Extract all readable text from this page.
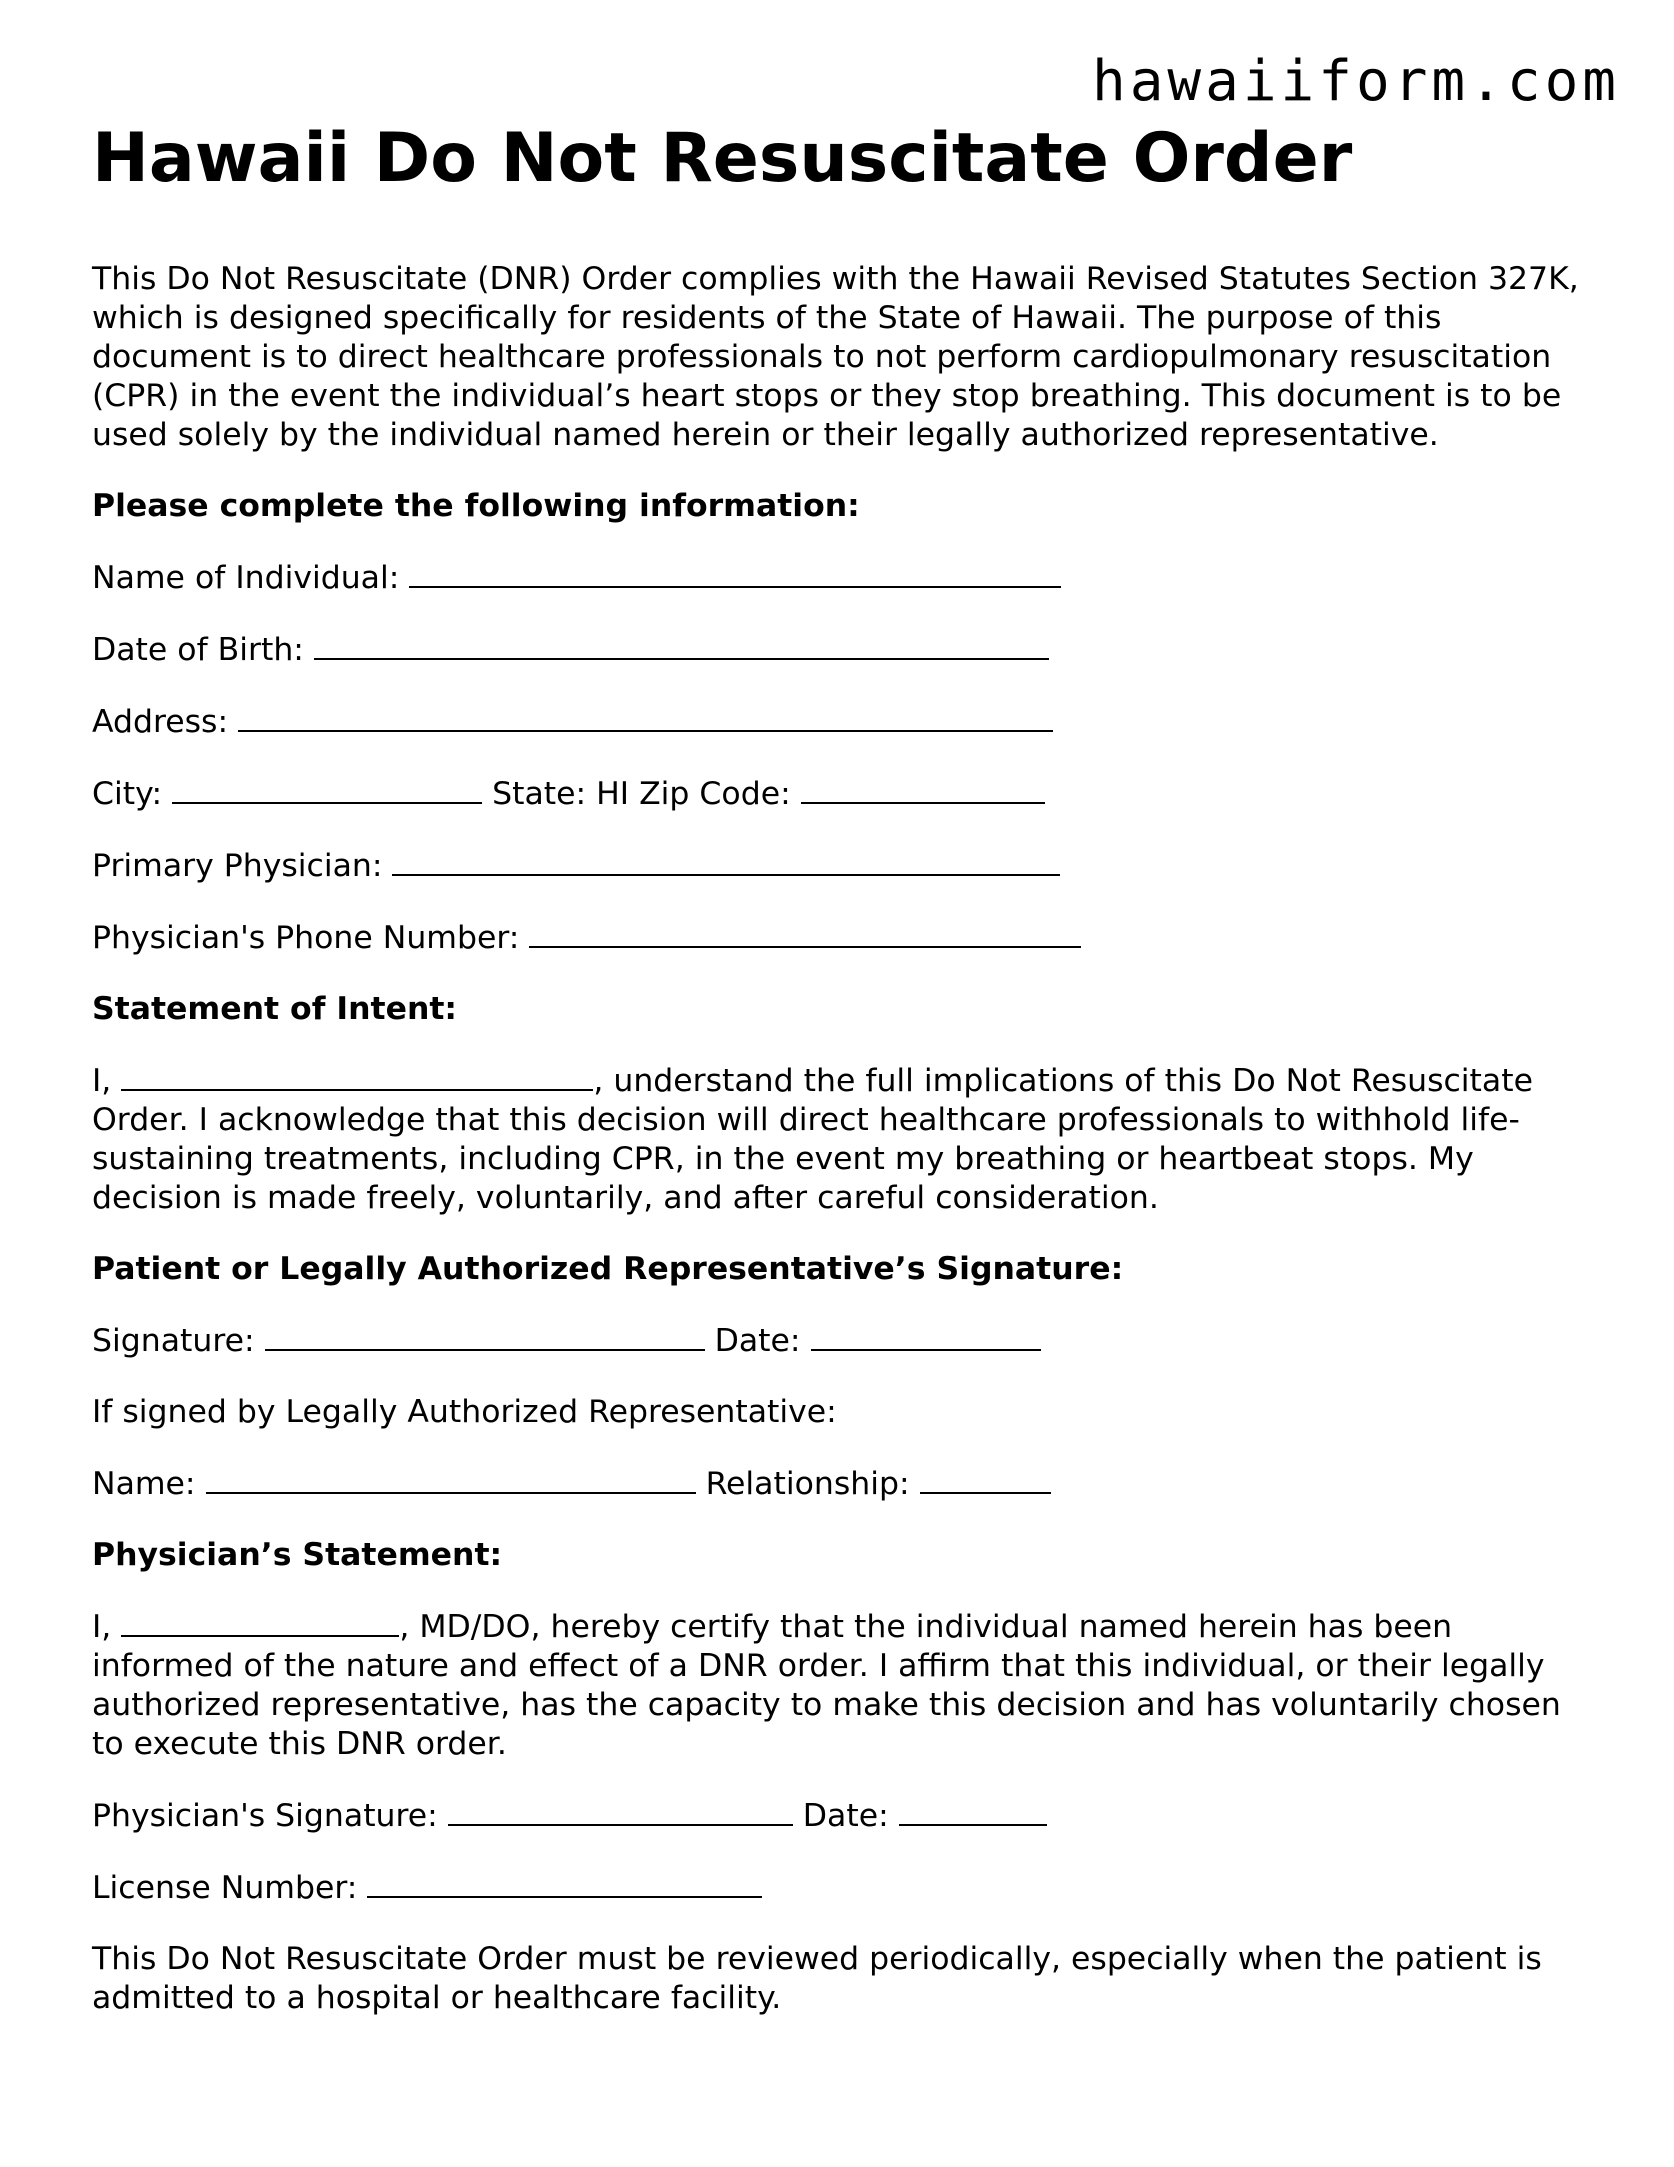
hawaiiform.com
Hawaii Do Not Resuscitate Order

This Do Not Resuscitate (DNR) Order complies with the Hawaii Revised Statutes Section 327K, which is designed specifically for residents of the State of Hawaii. The purpose of this document is to direct healthcare professionals to not perform cardiopulmonary resuscitation (CPR) in the event the individual’s heart stops or they stop breathing. This document is to be used solely by the individual named herein or their legally authorized representative.

Please complete the following information:

Name of Individual:

Date of Birth:

Address:

City:	State: HI Zip Code:

Primary Physician:

Physician's Phone Number:

Statement of Intent:

I,	, understand the full implications of this Do Not Resuscitate Order. I acknowledge that this decision will direct healthcare professionals to withhold life-sustaining treatments, including CPR, in the event my breathing or heartbeat stops. My decision is made freely, voluntarily, and after careful consideration.

Patient or Legally Authorized Representative’s Signature:

Signature:	Date:

If signed by Legally Authorized Representative:

Name:	Relationship:

Physician’s Statement:

I,	, MD/DO, hereby certify that the individual named herein has been informed of the nature and effect of a DNR order. I affirm that this individual, or their legally authorized representative, has the capacity to make this decision and has voluntarily chosen to execute this DNR order.

Physician's Signature:	Date:

License Number:

This Do Not Resuscitate Order must be reviewed periodically, especially when the patient is admitted to a hospital or healthcare facility.
